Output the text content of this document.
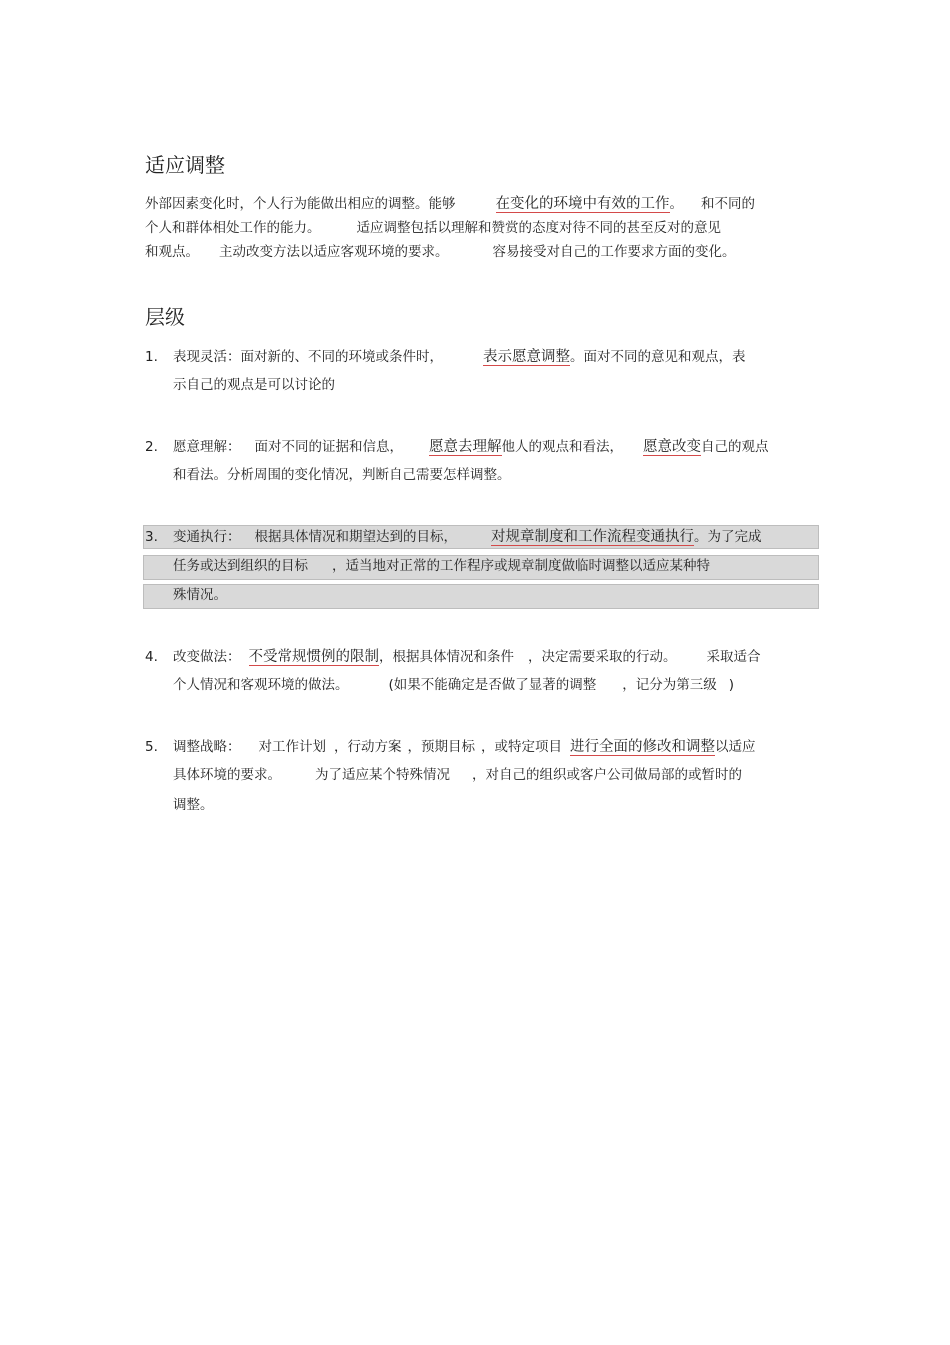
适应调整
外部因素变化时，个人行为能做出相应的调整。能够	在变化的环境中有效的工作。 和不同的
个人和群体相处工作的能力。	适应调整包括以理解和赞赏的态度对待不同的甚至反对的意见
和观点。 主动改变方法以适应客观环境的要求。	容易接受对自己的工作要求方面的变化。
层级
1. 表现灵活：面对新的、不同的环境或条件时，	表示愿意调整。面对不同的意见和观点，表
示自己的观点是可以讨论的
2. 愿意理解： 面对不同的证据和信息， 愿意去理解他人的观点和看法， 愿意改变自己的观点
和看法。分析周围的变化情况，判断自己需要怎样调整。
3. 变通执行： 根据具体情况和期望达到的目标， 对规章制度和工作流程变通执行。为了完成
任务或达到组织的目标 ，适当地对正常的工作程序或规章制度做临时调整以适应某种特
殊情况。
4. 改变做法： 不受常规惯例的限制，根据具体情况和条件 ，决定需要采取的行动。 采取适合
个人情况和客观环境的做法。	(如果不能确定是否做了显著的调整 ，记分为第三级 )
5. 调整战略： 对工作计划 ，行动方案 ，预期目标 ，或特定项目 进行全面的修改和调整以适应
具体环境的要求。	为了适应某个特殊情况 ，对自己的组织或客户公司做局部的或暂时的
调整。
